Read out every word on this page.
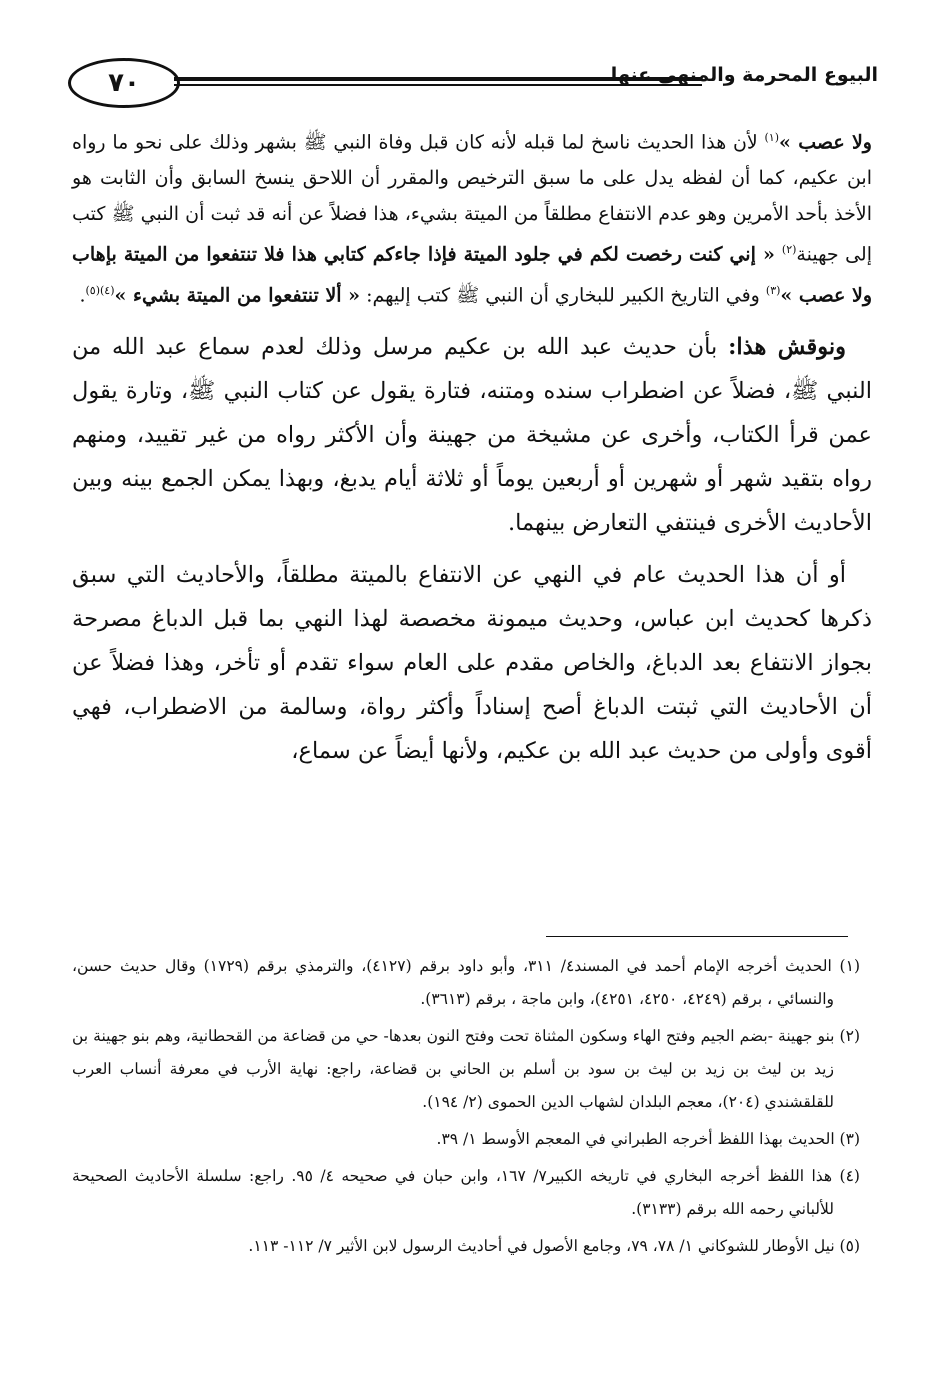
٧٠	البيوع المحرمة والمنهي عنها

ولا عصب »$^{(١)}$ لأن هذا الحديث ناسخ لما قبله لأنه كان قبل وفاة النبي ﷺ بشهر وذلك على نحو ما رواه ابن عكيم، كما أن لفظه يدل على ما سبق الترخيص والمقرر أن اللاحق ينسخ السابق وأن الثابت هو الأخذ بأحد الأمرين وهو عدم الانتفاع مطلقاً من الميتة بشيء، هذا فضلاً عن أنه قد ثبت أن النبي ﷺ كتب إلى جهينة$^{(٢)}$ « إني كنت رخصت لكم في جلود الميتة فإذا جاءكم كتابي هذا فلا تنتفعوا من الميتة بإهاب ولا عصب »$^{(٣)}$ وفي التاريخ الكبير للبخاري أن النبي ﷺ كتب إليهم: « ألا تنتفعوا من الميتة بشيء »$^{(٤)(٥)}$.

ونوقش هذا: بأن حديث عبد الله بن عكيم مرسل وذلك لعدم سماع عبد الله من النبي ﷺ، فضلاً عن اضطراب سنده ومتنه، فتارة يقول عن كتاب النبي ﷺ، وتارة يقول عمن قرأ الكتاب، وأخرى عن مشيخة من جهينة وأن الأكثر رواه من غير تقييد، ومنهم رواه بتقيد شهر أو شهرين أو أربعين يوماً أو ثلاثة أيام يدبغ، وبهذا يمكن الجمع بينه وبين الأحاديث الأخرى فينتفي التعارض بينهما.

أو أن هذا الحديث عام في النهي عن الانتفاع بالميتة مطلقاً، والأحاديث التي سبق ذكرها كحديث ابن عباس، وحديث ميمونة مخصصة لهذا النهي بما قبل الدباغ مصرحة بجواز الانتفاع بعد الدباغ، والخاص مقدم على العام سواء تقدم أو تأخر، وهذا فضلاً عن أن الأحاديث التي ثبتت الدباغ أصح إسناداً وأكثر رواة، وسالمة من الاضطراب، فهي أقوى وأولى من حديث عبد الله بن عكيم، ولأنها أيضاً عن سماع،

(١) الحديث أخرجه الإمام أحمد في المسند٤/ ٣١١، وأبو داود برقم (٤١٢٧)، والترمذي برقم (١٧٢٩) وقال حديث حسن، والنسائي ، برقم (٤٢٤٩، ٤٢٥٠، ٤٢٥١)، وابن ماجة ، برقم (٣٦١٣).

(٢) بنو جهينة -بضم الجيم وفتح الهاء وسكون المثناة تحت وفتح النون بعدها- حي من قضاعة من القحطانية، وهم بنو جهينة بن زيد بن ليث بن زيد بن ليث بن سود بن أسلم بن الحاني بن قضاعة، راجع: نهاية الأرب في معرفة أنساب العرب للقلقشندي (٢٠٤)، معجم البلدان لشهاب الدين الحموى (٢/ ١٩٤).

(٣) الحديث بهذا اللفظ أخرجه الطبراني في المعجم الأوسط ١/ ٣٩.

(٤) هذا اللفظ أخرجه البخاري في تاريخه الكبير٧/ ١٦٧، وابن حبان في صحيحه ٤/ ٩٥. راجع: سلسلة الأحاديث الصحيحة للألباني رحمه الله برقم (٣١٣٣).

(٥) نيل الأوطار للشوكاني ١/ ٧٨، ٧٩، وجامع الأصول في أحاديث الرسول لابن الأثير ٧/ ١١٢- ١١٣.
